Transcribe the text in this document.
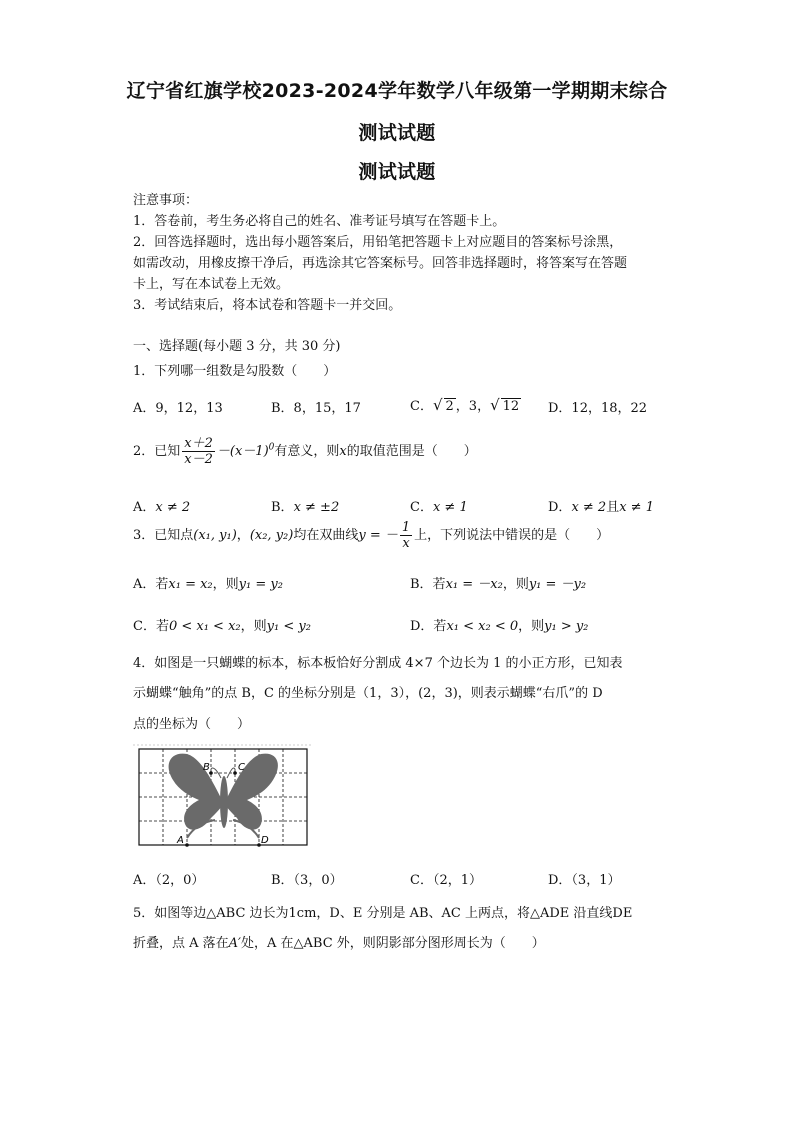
辽宁省红旗学校2023-2024学年数学八年级第一学期期末综合
测试试题
测试试题
注意事项：
1．答卷前，考生务必将自己的姓名、准考证号填写在答题卡上。
2．回答选择题时，选出每小题答案后，用铅笔把答题卡上对应题目的答案标号涂黑，
如需改动，用橡皮擦干净后，再选涂其它答案标号。回答非选择题时，将答案写在答题
卡上，写在本试卷上无效。
3．考试结束后，将本试卷和答题卡一并交回。
一、选择题(每小题 3 分，共 30 分)
1．下列哪一组数是勾股数（　　）
A．9，12，13	B．8，15，17	C．√ 2 ，3，√ 12 D．12，18，22
2．已知 $\frac{x+2}{x-2} -(x-1)^0$有意义，则x的取值范围是（　　）
A．x ≠ 2	B．x ≠ ±2	C．x ≠ 1	D．x ≠ 2且x ≠ 1
3．已知点(x₁, y₁)，(x₂, y₂)均在双曲线y = － $\frac{1}{x}$ 上，下列说法中错误的是（　　）
A．若x₁ = x₂，则y₁ = y₂	B．若x₁ = －x₂，则y₁ = －y₂
C．若0 < x₁ < x₂，则y₁ < y₂	D．若x₁ < x₂ < 0，则y₁ > y₂
4．如图是一只蝴蝶的标本，标本板恰好分割成 4×7 个边长为 1 的小正方形，已知表
示蝴蝶“触角”的点 B，C 的坐标分别是（1，3），(2，3)，则表示蝴蝶“右爪”的 D
点的坐标为（　　）
B	C
A	D
A．（2，0）	B．（3，0）	C．（2，1）	D．（3，1）
5．如图等边△ABC 边长为1cm，D、E 分别是 AB、AC 上两点，将△ADE 沿直线DE
折叠，点 A 落在A′处，A 在△ABC 外，则阴影部分图形周长为（　　）
